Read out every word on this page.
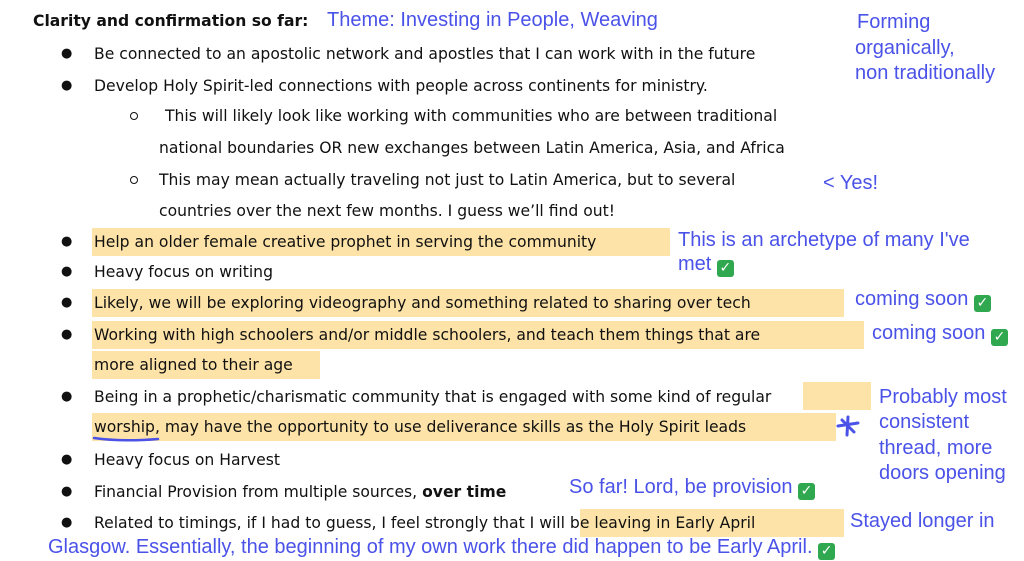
Clarity and confirmation so far:
● Be connected to an apostolic network and apostles that I can work with in the future
● Develop Holy Spirit-led connections with people across continents for ministry.
This will likely look like working with communities who are between traditional
national boundaries OR new exchanges between Latin America, Asia, and Africa
This may mean actually traveling not just to Latin America, but to several
countries over the next few months. I guess we’ll find out!
● Help an older female creative prophet in serving the community
● Heavy focus on writing
● Likely, we will be exploring videography and something related to sharing over tech
● Working with high schoolers and/or middle schoolers, and teach them things that are
more aligned to their age
● Being in a prophetic/charismatic community that is engaged with some kind of regular
worship, may have the opportunity to use deliverance skills as the Holy Spirit leads
● Heavy focus on Harvest
● Financial Provision from multiple sources, over time
● Related to timings, if I had to guess, I feel strongly that I will be leaving in Early April
Theme: Investing in People, Weaving	Forming
organically,
non traditionally
< Yes!
This is an archetype of many I've
met ✓
coming soon ✓
coming soon ✓
Probably most
consistent
thread, more
doors opening
So far! Lord, be provision ✓
Stayed longer in
Glasgow. Essentially, the beginning of my own work there did happen to be Early April. ✓
